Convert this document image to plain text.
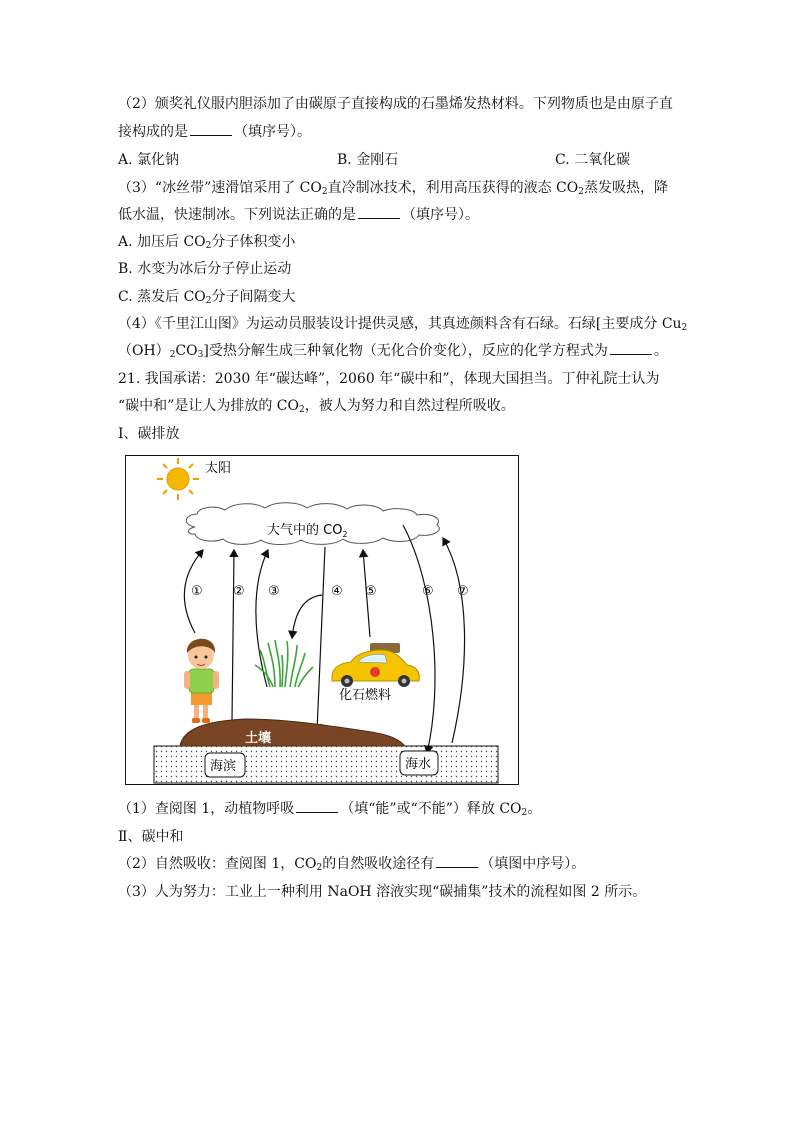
（2）颁奖礼仪服内胆添加了由碳原子直接构成的石墨烯发热材料。下列物质也是由原子直
接构成的是	（填序号）。
A. 氯化钠	B. 金刚石	C. 二氧化碳
（3）“冰丝带”速滑馆采用了 $CO_2$直冷制冰技术，利用高压获得的液态 $CO_2$蒸发吸热，降
低水温，快速制冰。下列说法正确的是	（填序号）。
A. 加压后 $CO_2$分子体积变小
B. 水变为冰后分子停止运动
C. 蒸发后 $CO_2$分子间隔变大
（4）《千里江山图》为运动员服装设计提供灵感，其真迹颜料含有石绿。石绿[主要成分 $Cu_2$
$(OH)_2CO_3$]受热分解生成三种氧化物（无化合价变化），反应的化学方程式为	。
21. 我国承诺：2030 年“碳达峰”，2060 年“碳中和”，体现大国担当。丁仲礼院士认为
“碳中和”是让人为排放的 $CO_2$，被人为努力和自然过程所吸收。
Ⅰ、碳排放
太阳
大气中的 $CO_2$
① ② ③	④ ⑤	⑥ ⑦
化石燃料
土壤
海滨	海水
（1）查阅图 1，动植物呼吸	（填“能”或“不能”）释放 $CO_2$。
Ⅱ、碳中和
（2）自然吸收：查阅图 1，$CO_2$的自然吸收途径有	（填图中序号）。
（3）人为努力：工业上一种利用 NaOH 溶液实现“碳捕集”技术的流程如图 2 所示。
